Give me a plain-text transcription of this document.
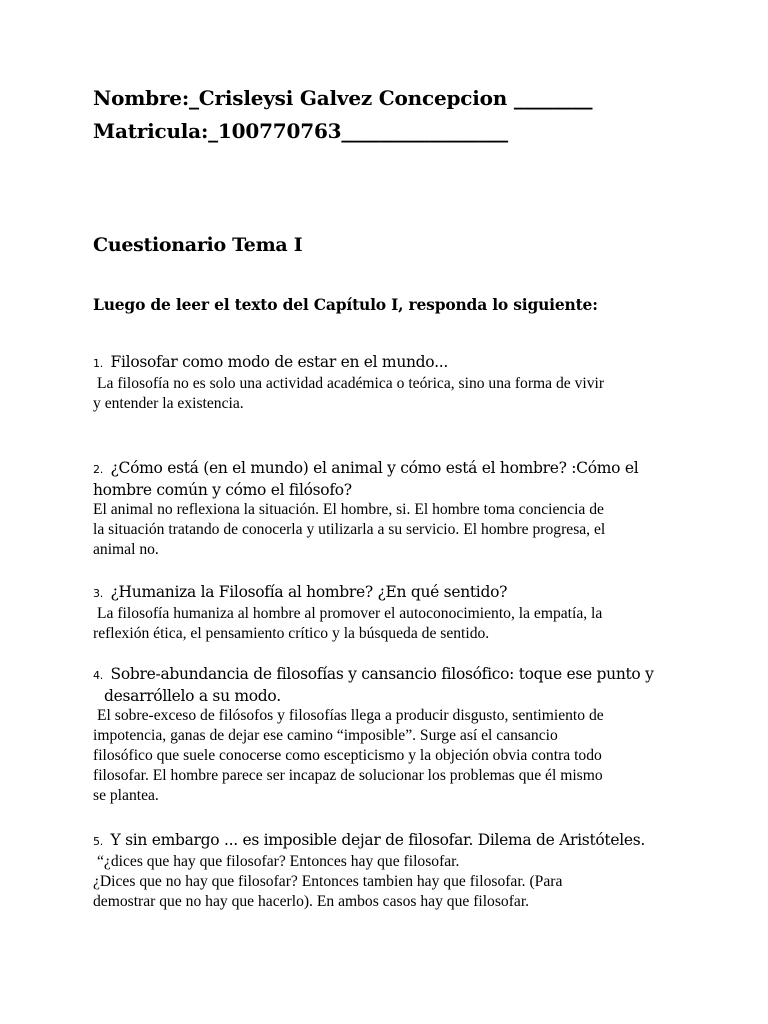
Nombre:_Crisleysi Galvez Concepcion ________
Matricula:_100770763_________________
Cuestionario Tema I
Luego de leer el texto del Capítulo I, responda lo siguiente:
1. Filosofar como modo de estar en el mundo...

La filosofía no es solo una actividad académica o teórica, sino una forma de vivir

y entender la existencia.

2. ¿Cómo está (en el mundo) el animal y cómo está el hombre? :Cómo el
hombre común y cómo el filósofo?

El animal no reflexiona la situación. El hombre, si. El hombre toma conciencia de

la situación tratando de conocerla y utilizarla a su servicio. El hombre progresa, el

animal no.

3. ¿Humaniza la Filosofía al hombre? ¿En qué sentido?

La filosofía humaniza al hombre al promover el autoconocimiento, la empatía, la

reflexión ética, el pensamiento crítico y la búsqueda de sentido.

4. Sobre-abundancia de filosofías y cansancio filosófico: toque ese punto y
desarróllelo a su modo.

El sobre-exceso de filósofos y filosofías llega a producir disgusto, sentimiento de

impotencia, ganas de dejar ese camino “imposible”. Surge así el cansancio

filosófico que suele conocerse como escepticismo y la objeción obvia contra todo

filosofar. El hombre parece ser incapaz de solucionar los problemas que él mismo

se plantea.

5. Y sin embargo ... es imposible dejar de filosofar. Dilema de Aristóteles.

“¿dices que hay que filosofar? Entonces hay que filosofar.

¿Dices que no hay que filosofar? Entonces tambien hay que filosofar. (Para

demostrar que no hay que hacerlo). En ambos casos hay que filosofar.
